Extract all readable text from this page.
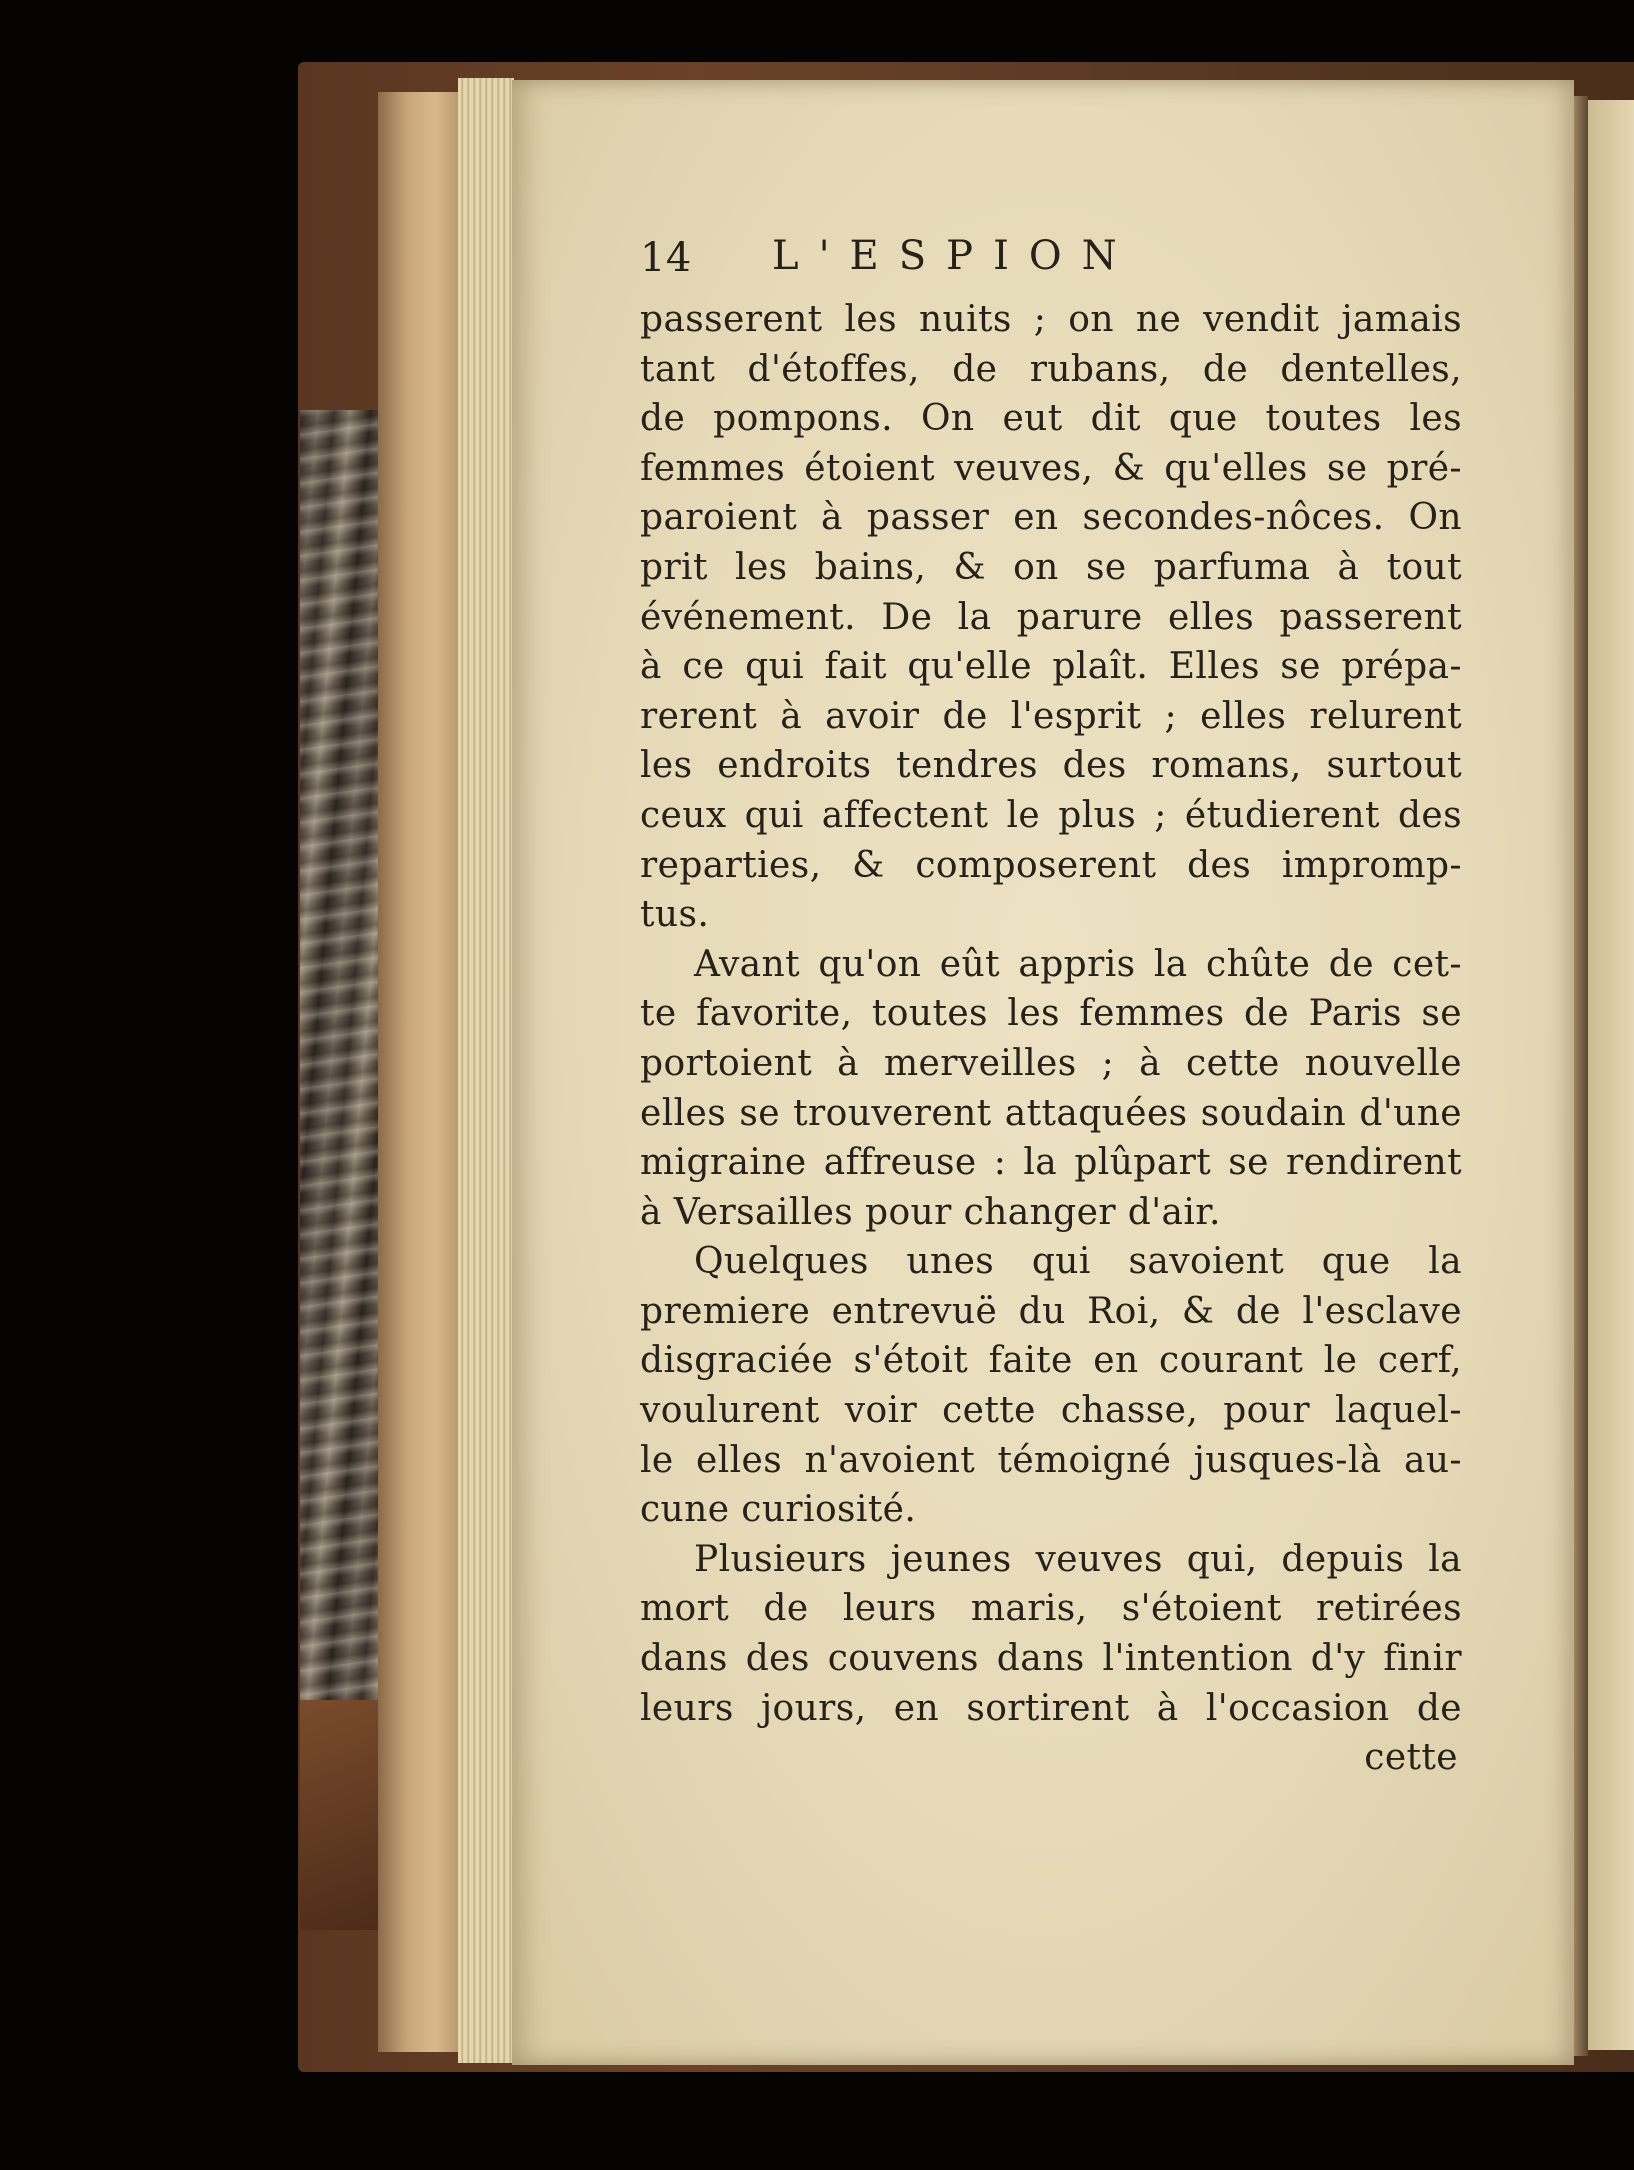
14 L'ESPION
passerent les nuits ; on ne vendit jamais
tant d'étoffes, de rubans, de dentelles,
de pompons. On eut dit que toutes les
femmes étoient veuves, & qu'elles se pré-
paroient à passer en secondes-nôces. On
prit les bains, & on se parfuma à tout
événement. De la parure elles passerent
à ce qui fait qu'elle plaît. Elles se prépa-
rerent à avoir de l'esprit ; elles relurent
les endroits tendres des romans, surtout
ceux qui affectent le plus ; étudierent des
reparties, & composerent des impromp-
tus.
Avant qu'on eût appris la chûte de cet-
te favorite, toutes les femmes de Paris se
portoient à merveilles ; à cette nouvelle
elles se trouverent attaquées soudain d'une
migraine affreuse : la plûpart se rendirent
à Versailles pour changer d'air.
Quelques unes qui savoient que la
premiere entrevuë du Roi, & de l'esclave
disgraciée s'étoit faite en courant le cerf,
voulurent voir cette chasse, pour laquel-
le elles n'avoient témoigné jusques-là au-
cune curiosité.
Plusieurs jeunes veuves qui, depuis la
mort de leurs maris, s'étoient retirées
dans des couvens dans l'intention d'y finir
leurs jours, en sortirent à l'occasion de
cette
